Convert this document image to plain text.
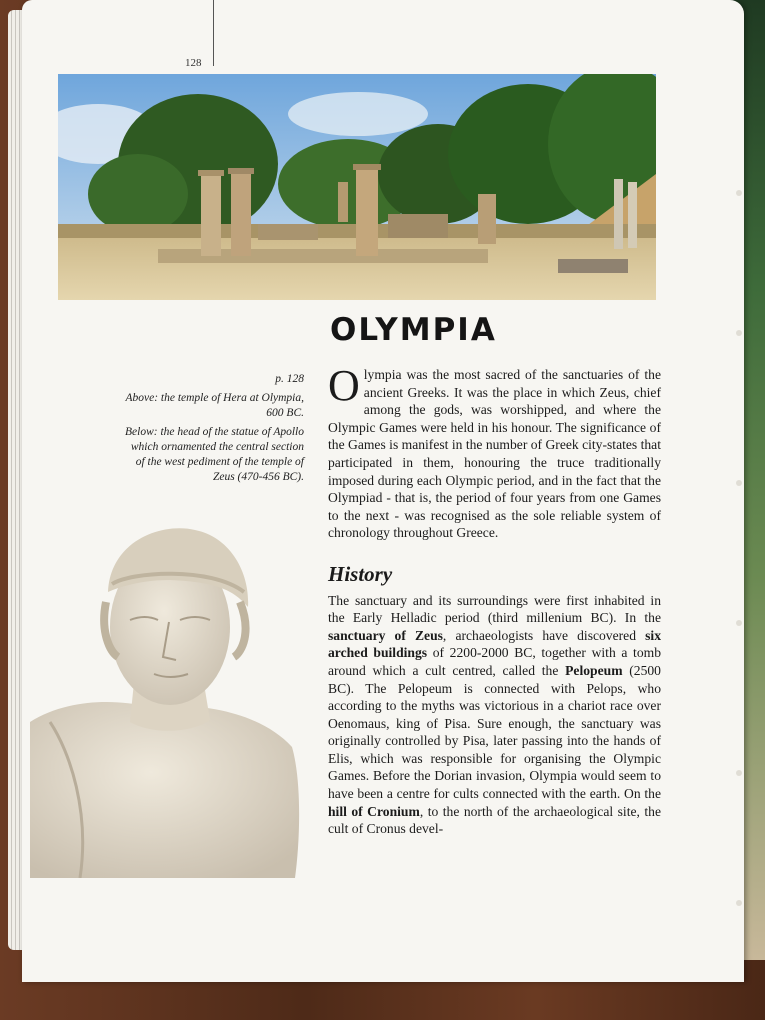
128
OLYMPIA

p. 128

Above: the temple of Hera at Olympia, 600 BC.

Below: the head of the statue of Apollo which ornamented the central section of the west pediment of the temple of Zeus (470-456 BC).

Olympia was the most sacred of the sanctuaries of the ancient Greeks. It was the place in which Zeus, chief among the gods, was worshipped, and where the Olympic Games were held in his honour. The significance of the Games is manifest in the number of Greek city-states that participated in them, honouring the truce traditionally imposed during each Olympic period, and in the fact that the Olympiad - that is, the period of four years from one Games to the next - was recognised as the sole reliable system of chronology throughout Greece.

History

The sanctuary and its surroundings were first inhabited in the Early Helladic period (third millenium BC). In the sanctuary of Zeus, archaeologists have discovered six arched buildings of 2200-2000 BC, together with a tomb around which a cult centred, called the Pelopeum (2500 BC). The Pelopeum is connected with Pelops, who according to the myths was victorious in a chariot race over Oenomaus, king of Pisa. Sure enough, the sanctuary was originally controlled by Pisa, later passing into the hands of Elis, which was responsible for organising the Olympic Games. Before the Dorian invasion, Olympia would seem to have been a centre for cults connected with the earth. On the hill of Cronium, to the north of the archaeological site, the cult of Cronus devel-
